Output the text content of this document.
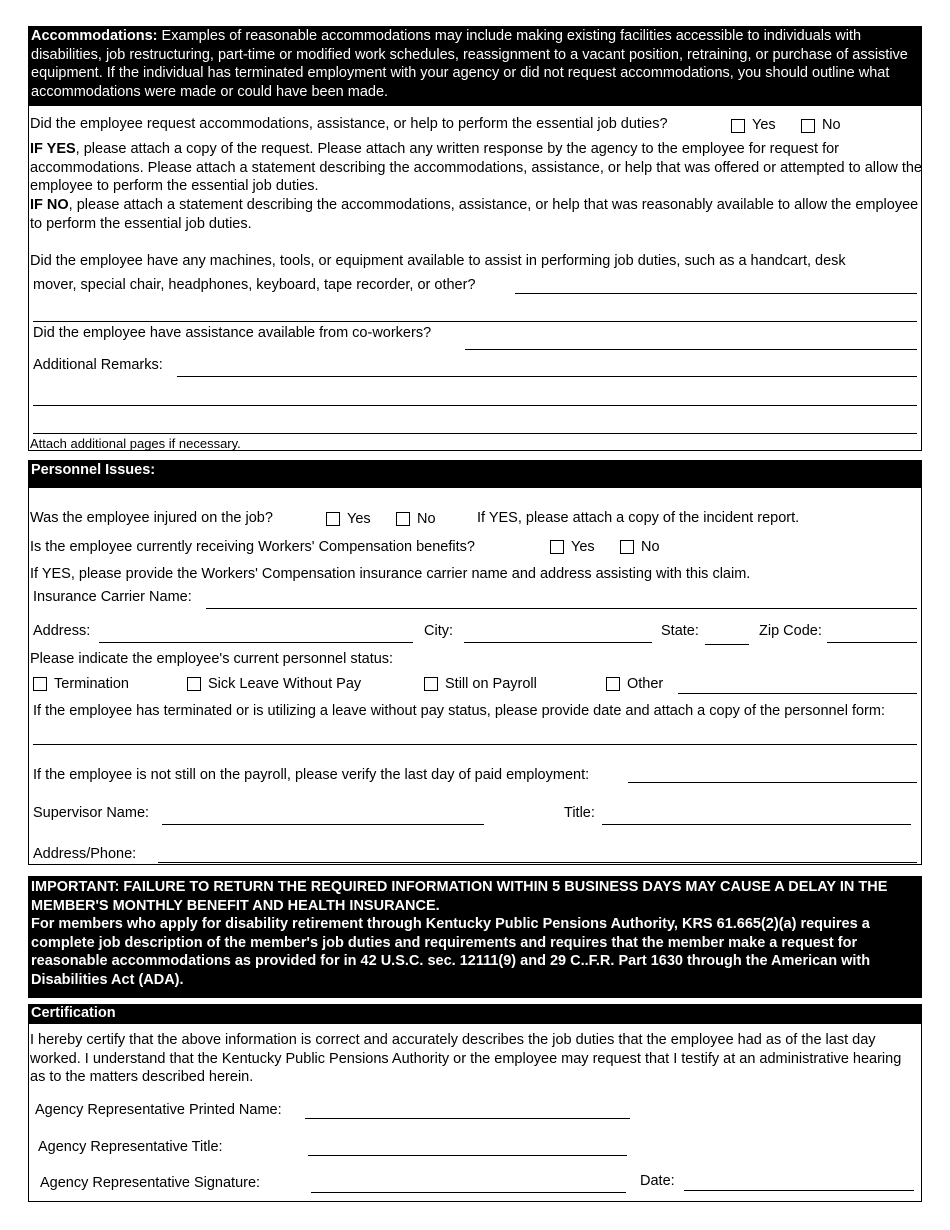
Accommodations: Examples of reasonable accommodations may include making existing facilities accessible to individuals with disabilities, job restructuring, part-time or modified work schedules, reassignment to a vacant position, retraining, or purchase of assistive equipment. If the individual has terminated employment with your agency or did not request accommodations, you should outline what accommodations were made or could have been made.
Did the employee request accommodations, assistance, or help to perform the essential job duties?	Yes	No
IF YES, please attach a copy of the request. Please attach any written response by the agency to the employee for request for accommodations. Please attach a statement describing the accommodations, assistance, or help that was offered or attempted to allow the employee to perform the essential job duties.
IF NO, please attach a statement describing the accommodations, assistance, or help that was reasonably available to allow the employee to perform the essential job duties.
Did the employee have any machines, tools, or equipment available to assist in performing job duties, such as a handcart, desk
mover, special chair, headphones, keyboard, tape recorder, or other?
Did the employee have assistance available from co-workers?
Additional Remarks:
Attach additional pages if necessary.
Personnel Issues:
Was the employee injured on the job?	Yes	No	If YES, please attach a copy of the incident report.
Is the employee currently receiving Workers' Compensation benefits?	Yes	No
If YES, please provide the Workers' Compensation insurance carrier name and address assisting with this claim.
Insurance Carrier Name:
Address:	City:	State:	Zip Code:
Please indicate the employee's current personnel status:
Termination	Sick Leave Without Pay	Still on Payroll	Other
If the employee has terminated or is utilizing a leave without pay status, please provide date and attach a copy of the personnel form:
If the employee is not still on the payroll, please verify the last day of paid employment:
Supervisor Name:	Title:
Address/Phone:
IMPORTANT: FAILURE TO RETURN THE REQUIRED INFORMATION WITHIN 5 BUSINESS DAYS MAY CAUSE A DELAY IN THE MEMBER'S MONTHLY BENEFIT AND HEALTH INSURANCE.
For members who apply for disability retirement through Kentucky Public Pensions Authority, KRS 61.665(2)(a) requires a complete job description of the member's job duties and requirements and requires that the member make a request for reasonable accommodations as provided for in 42 U.S.C. sec. 12111(9) and 29 C..F.R. Part 1630 through the American with Disabilities Act (ADA).
Certification
I hereby certify that the above information is correct and accurately describes the job duties that the employee had as of the last day worked. I understand that the Kentucky Public Pensions Authority or the employee may request that I testify at an administrative hearing as to the matters described herein.
Agency Representative Printed Name:
Agency Representative Title:
Agency Representative Signature:	Date:
